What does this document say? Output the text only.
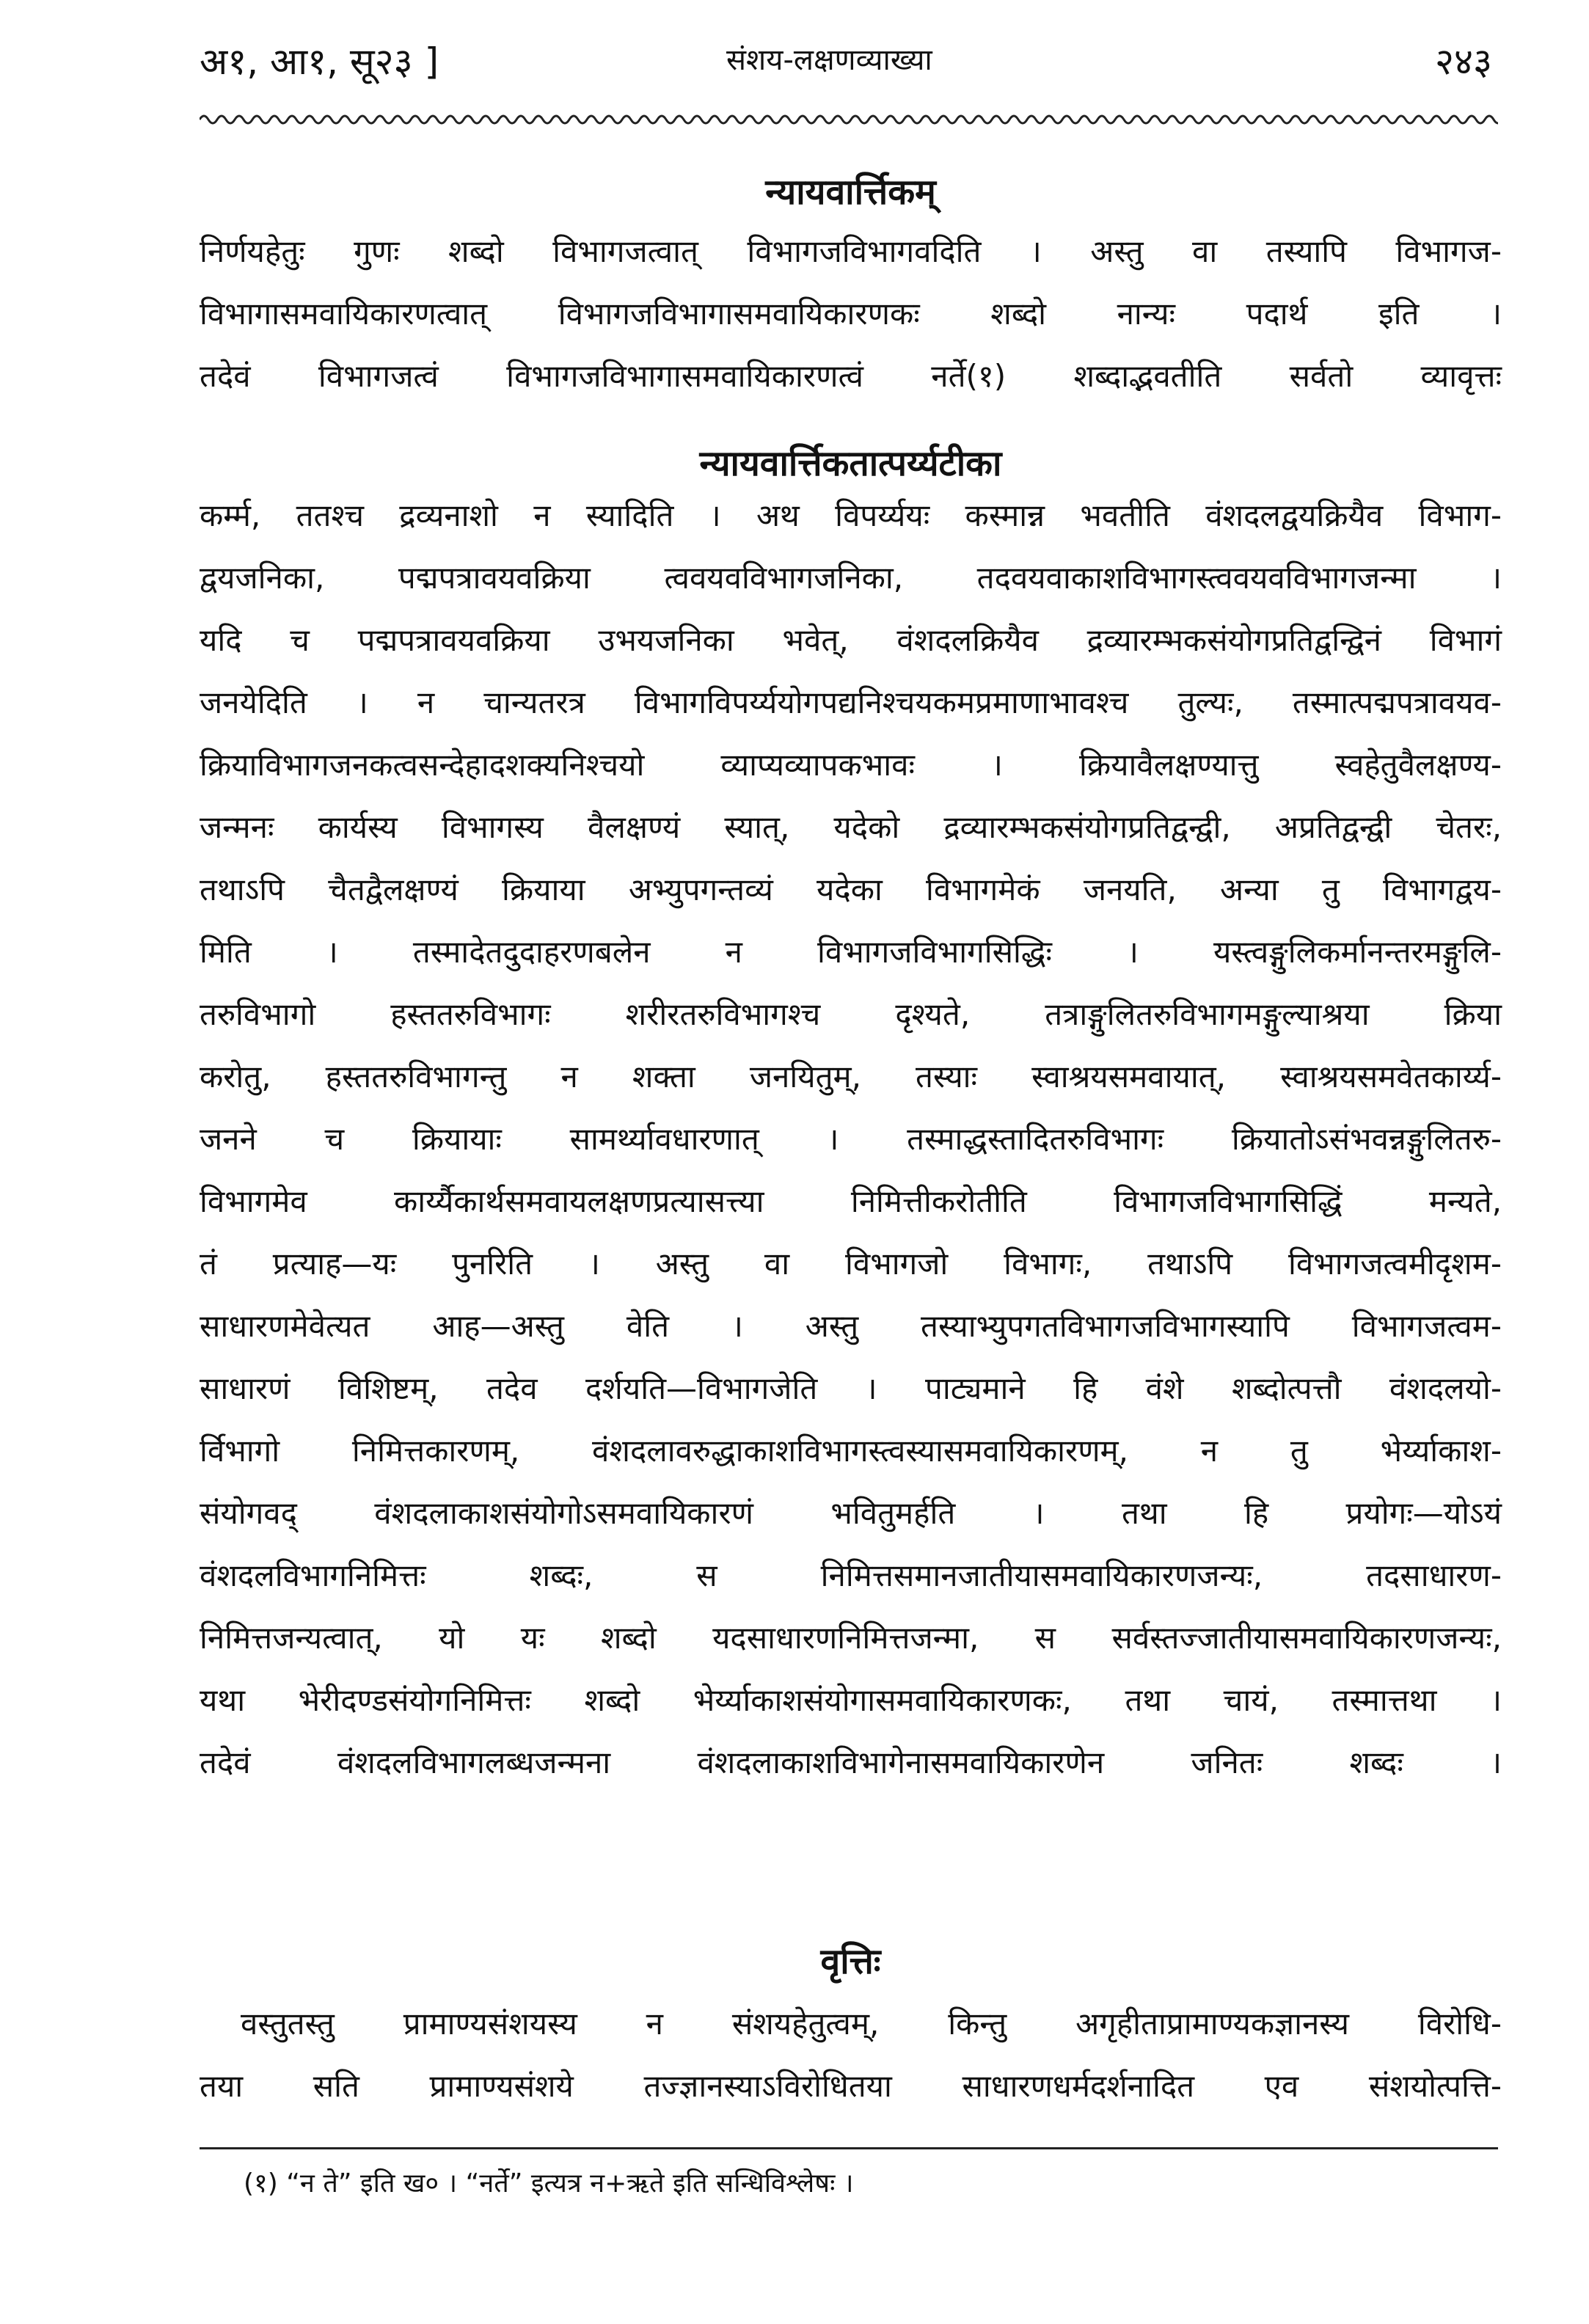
अ१, आ१, सू२३ ]	संशय-लक्षणव्याख्या	२४३
न्यायवार्त्तिकम्
निर्णयहेतुः गुणः शब्दो विभागजत्वात् विभागजविभागवदिति । अस्तु वा तस्यापि विभागज-
विभागासमवायिकारणत्वात् विभागजविभागासमवायिकारणकः शब्दो नान्यः पदार्थ इति ।
तदेवं विभागजत्वं विभागजविभागासमवायिकारणत्वं नर्ते(१) शब्दाद्भवतीति सर्वतो व्यावृत्तः
न्यायवार्त्तिकतात्पर्य्यटीका
कर्म्म, ततश्च द्रव्यनाशो न स्यादिति । अथ विपर्य्ययः कस्मान्न भवतीति वंशदलद्वयक्रियैव विभाग-
द्वयजनिका, पद्मपत्रावयवक्रिया त्ववयवविभागजनिका, तदवयवाकाशविभागस्त्ववयवविभागजन्मा ।
यदि च पद्मपत्रावयवक्रिया उभयजनिका भवेत्, वंशदलक्रियैव द्रव्यारम्भकसंयोगप्रतिद्वन्द्विनं विभागं
जनयेदिति । न चान्यतरत्र विभागविपर्य्ययोगपद्यनिश्चयकमप्रमाणाभावश्च तुल्यः, तस्मात्पद्मपत्रावयव-
क्रियाविभागजनकत्वसन्देहादशक्यनिश्चयो व्याप्यव्यापकभावः । क्रियावैलक्षण्यात्तु स्वहेतुवैलक्षण्य-
जन्मनः कार्यस्य विभागस्य वैलक्षण्यं स्यात्, यदेको द्रव्यारम्भकसंयोगप्रतिद्वन्द्वी, अप्रतिद्वन्द्वी चेतरः,
तथाऽपि चैतद्वैलक्षण्यं क्रियाया अभ्युपगन्तव्यं यदेका विभागमेकं जनयति, अन्या तु विभागद्वय-
मिति । तस्मादेतदुदाहरणबलेन न विभागजविभागसिद्धिः । यस्त्वङ्गुलिकर्मानन्तरमङ्गुलि-
तरुविभागो हस्ततरुविभागः शरीरतरुविभागश्च दृश्यते, तत्राङ्गुलितरुविभागमङ्गुल्याश्रया क्रिया
करोतु, हस्ततरुविभागन्तु न शक्ता जनयितुम्, तस्याः स्वाश्रयसमवायात्, स्वाश्रयसमवेतकार्य्य-
जनने च क्रियायाः सामर्थ्यावधारणात् । तस्माद्धस्तादितरुविभागः क्रियातोऽसंभवन्नङ्गुलितरु-
विभागमेव कार्य्यैकार्थसमवायलक्षणप्रत्यासत्त्या निमित्तीकरोतीति विभागजविभागसिद्धिं मन्यते,
तं प्रत्याह—यः पुनरिति । अस्तु वा विभागजो विभागः, तथाऽपि विभागजत्वमीदृशम-
साधारणमेवेत्यत आह—अस्तु वेति । अस्तु तस्याभ्युपगतविभागजविभागस्यापि विभागजत्वम-
साधारणं विशिष्टम्, तदेव दर्शयति—विभागजेति । पाट्यमाने हि वंशे शब्दोत्पत्तौ वंशदलयो-
र्विभागो निमित्तकारणम्, वंशदलावरुद्धाकाशविभागस्त्वस्यासमवायिकारणम्, न तु भेर्य्याकाश-
संयोगवद् वंशदलाकाशसंयोगोऽसमवायिकारणं भवितुमर्हति । तथा हि प्रयोगः—योऽयं
वंशदलविभागनिमित्तः शब्दः, स निमित्तसमानजातीयासमवायिकारणजन्यः, तदसाधारण-
निमित्तजन्यत्वात्, यो यः शब्दो यदसाधारणनिमित्तजन्मा, स सर्वस्तज्जातीयासमवायिकारणजन्यः,
यथा भेरीदण्डसंयोगनिमित्तः शब्दो भेर्य्याकाशसंयोगासमवायिकारणकः, तथा चायं, तस्मात्तथा ।
तदेवं वंशदलविभागलब्धजन्मना वंशदलाकाशविभागेनासमवायिकारणेन जनितः शब्दः ।
वृत्तिः
वस्तुतस्तु प्रामाण्यसंशयस्य न संशयहेतुत्वम्, किन्तु अगृहीताप्रामाण्यकज्ञानस्य विरोधि-
तया सति प्रामाण्यसंशये तज्ज्ञानस्याऽविरोधितया साधारणधर्मदर्शनादित एव संशयोत्पत्ति-
(१) “न ते” इति ख० । “नर्ते” इत्यत्र न+ऋते इति सन्धिविश्लेषः ।
